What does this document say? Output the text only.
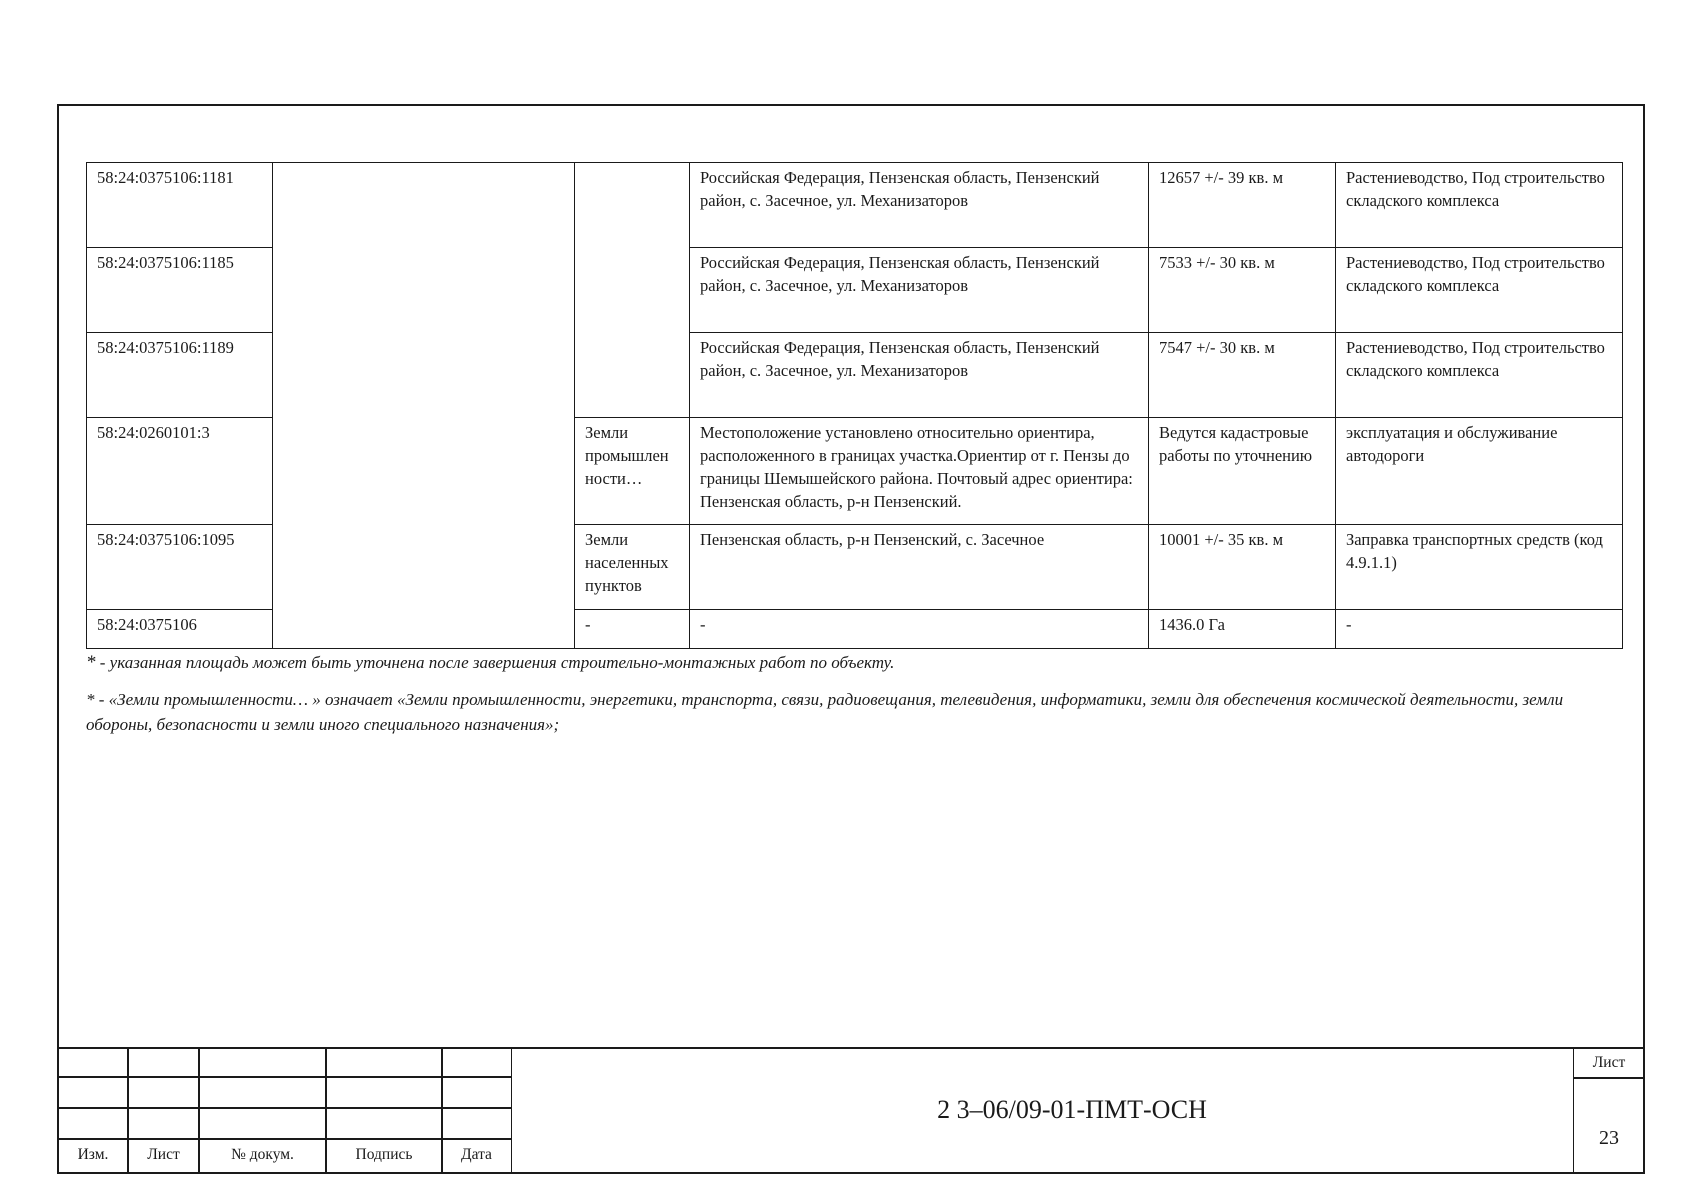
58:24:0375106:1181			Российская Федерация, Пензенская область, Пензенский район, с. Засечное, ул. Механизаторов	12657 +/- 39 кв. м	Растениеводство, Под строительство складского комплекса
58:24:0375106:1185			Российская Федерация, Пензенская область, Пензенский район, с. Засечное, ул. Механизаторов	7533 +/- 30 кв. м	Растениеводство, Под строительство складского комплекса
58:24:0375106:1189			Российская Федерация, Пензенская область, Пензенский район, с. Засечное, ул. Механизаторов	7547 +/- 30 кв. м	Растениеводство, Под строительство складского комплекса
58:24:0260101:3		Земли промышлен ности…	Местоположение установлено относительно ориентира, расположенного в границах участка.Ориентир от г. Пензы до границы Шемышейского района. Почтовый адрес ориентира: Пензенская область, р-н Пензенский.	Ведутся кадастровые работы по уточнению	эксплуатация и обслуживание автодороги
58:24:0375106:1095		Земли населенных пунктов	Пензенская область, р-н Пензенский, с. Засечное	10001 +/- 35 кв. м	Заправка транспортных средств (код 4.9.1.1)
58:24:0375106		-	-	1436.0 Га	-

* - указанная площадь может быть уточнена после завершения строительно-монтажных работ по объекту.

* - «Земли промышленности… » означает «Земли промышленности, энергетики, транспорта, связи, радиовещания, телевидения, информатики, земли для обеспечения космической деятельности, земли обороны, безопасности и земли иного специального назначения»;

Изм.	Лист	№ докум.	Подпись	Дата
2 3–06/09-01-ПМТ-ОСН
Лист
23
